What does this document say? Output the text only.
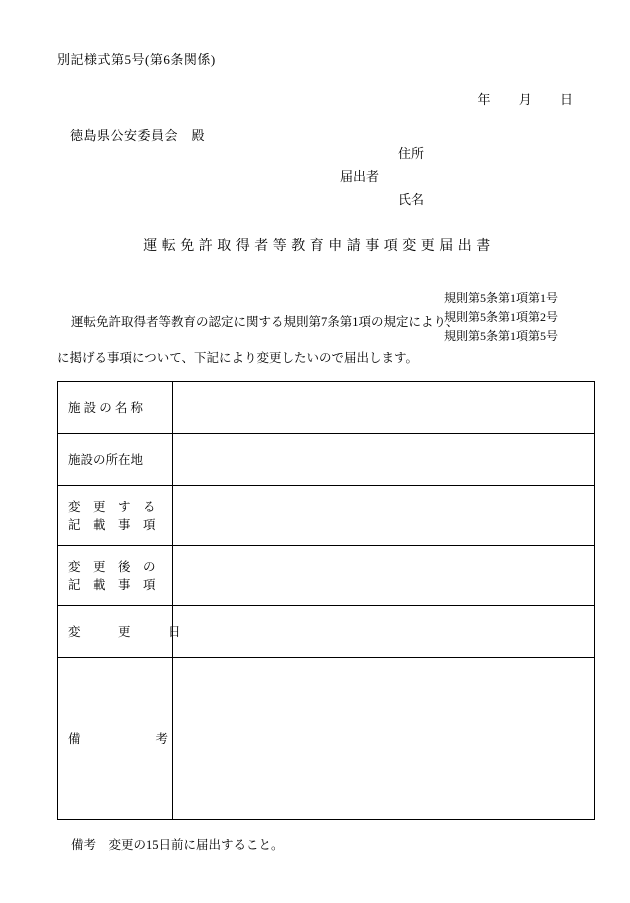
別記様式第5号(第6条関係)
年 月 日
徳島県公安委員会　殿
住所
届出者
氏名
運転免許取得者等教育申請事項変更届出書
規則第5条第1項第1号
規則第5条第1項第2号
規則第5条第1項第5号
運転免許取得者等教育の認定に関する規則第7条第1項の規定により、
に掲げる事項について、下記により変更したいので届出します。
施 設 の 名 称	

施設の所在地	

変　更　す　る
記　載　事　項	

変　更　後　の
記　載　事　項	

変　　　更　　　日	

備　　　　　　考	

備考　変更の15日前に届出すること。
